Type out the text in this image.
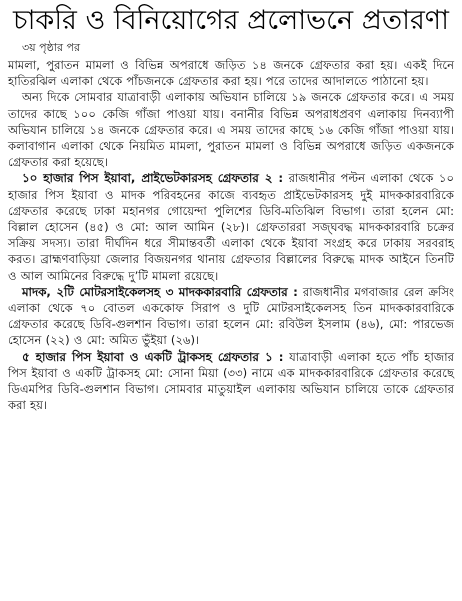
চাকরি ও বিনিয়োগের প্রলোভনে প্রতারণা
৩য় পৃষ্ঠার পর

মামলা, পুরাতন মামলা ও বিভিন্ন অপরাধে জড়িত ১৪ জনকে গ্রেফতার করা হয়। একই দিনে হাতিরঝিল এলাকা থেকে পাঁচজনকে গ্রেফতার করা হয়। পরে তাদের আদালতে পাঠানো হয়।

অন্য দিকে সোমবার যাত্রাবাড়ী এলাকায় অভিযান চালিয়ে ১৯ জনকে গ্রেফতার করে। এ সময় তাদের কাছে ১০০ কেজি গাঁজা পাওয়া যায়। বনানীর বিভিন্ন অপরাধপ্রবণ এলাকায় দিনব্যাপী অভিযান চালিয়ে ১৪ জনকে গ্রেফতার করে। এ সময় তাদের কাছে ১৬ কেজি গাঁজা পাওয়া যায়। কলাবাগান এলাকা থেকে নিয়মিত মামলা, পুরাতন মামলা ও বিভিন্ন অপরাধে জড়িত একজনকে গ্রেফতার করা হয়েছে।

১০ হাজার পিস ইয়াবা, প্রাইভেটকারসহ গ্রেফতার ২ : রাজধানীর পল্টন এলাকা থেকে ১০ হাজার পিস ইয়াবা ও মাদক পরিবহনের কাজে ব্যবহৃত প্রাইভেটকারসহ দুই মাদককারবারিকে গ্রেফতার করেছে ঢাকা মহানগর গোয়েন্দা পুলিশের ডিবি-মতিঝিল বিভাগ। তারা হলেন মো: বিল্লাল হোসেন (৪৫) ও মো: আল আমিন (২৮)। গ্রেফতাররা সজ্ঘবদ্ধ মাদককারবারি চক্রের সক্রিয় সদস্য। তারা দীর্ঘদিন ধরে সীমান্তবর্তী এলাকা থেকে ইয়াবা সংগ্রহ করে ঢাকায় সরবরাহ করত। ব্রাহ্মণবাড়িয়া জেলার বিজয়নগর থানায় গ্রেফতার বিল্লালের বিরুদ্ধে মাদক আইনে তিনটি ও আল আমিনের বিরুদ্ধে দু’টি মামলা রয়েছে।

মাদক, ২টি মোটরসাইকেলসহ ৩ মাদককারবারি গ্রেফতার : রাজধানীর মগবাজার রেল ক্রসিং এলাকা থেকে ৭০ বোতল এককোফ সিরাপ ও দুটি মোটরসাইকেলসহ তিন মাদককারবারিকে গ্রেফতার করেছে ডিবি-গুলশান বিভাগ। তারা হলেন মো: রবিউল ইসলাম (৪৬), মো: পারভেজ হোসেন (২২) ও মো: অমিত ভুঁইয়া (২৬)।

৫ হাজার পিস ইয়াবা ও একটি ট্রাকসহ গ্রেফতার ১ : যাত্রাবাড়ী এলাকা হতে পাঁচ হাজার পিস ইয়াবা ও একটি ট্রাকসহ মো: সোনা মিয়া (৩৩) নামে এক মাদককারবারিকে গ্রেফতার করেছে ডিএমপির ডিবি-গুলশান বিভাগ। সোমবার মাতুয়াইল এলাকায় অভিযান চালিয়ে তাকে গ্রেফতার করা হয়।
